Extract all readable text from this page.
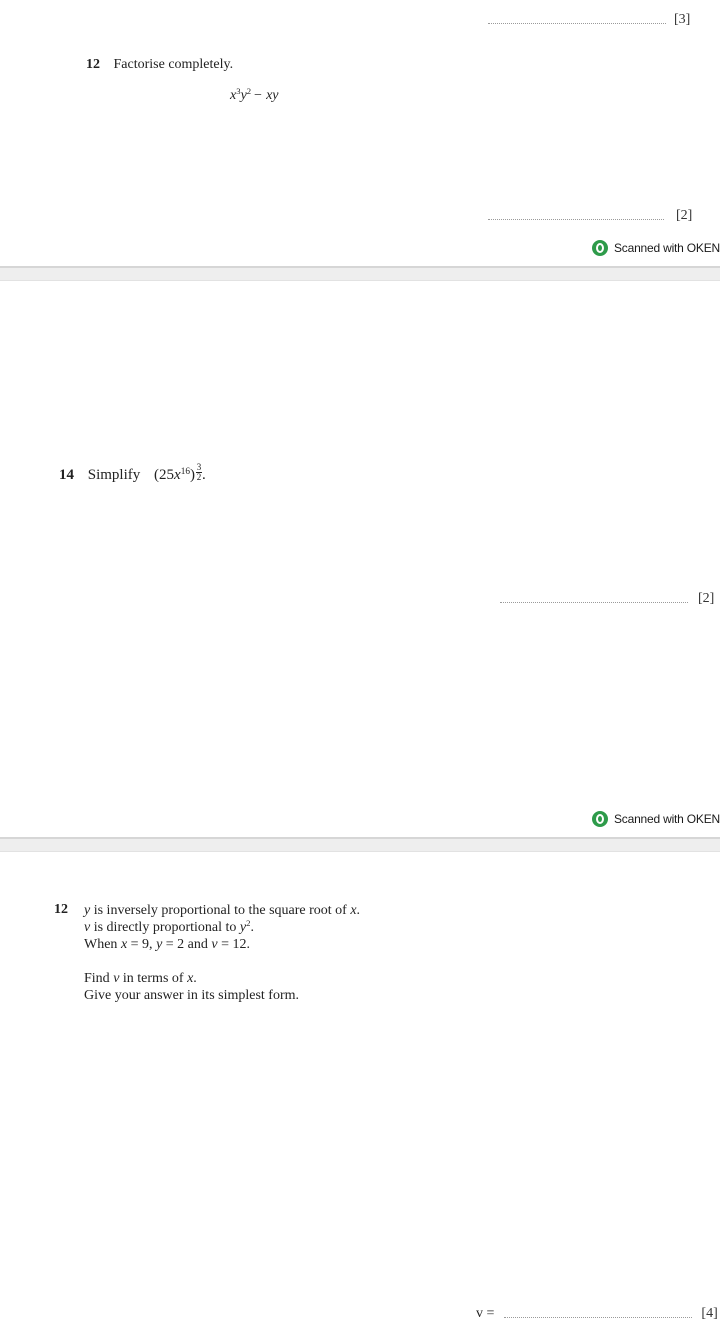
[3]
12 Factorise completely.
$x^3y^2$ − xy
[2]
Scanned with OKEN
14 Simplify $(25x^{16}) \frac{3}{2}$ .
[2]
Scanned with OKEN
12 y is inversely proportional to the square root of x.
v is directly proportional to $y^2$.
When x = 9, y = 2 and v = 12.
Find v in terms of x.
Give your answer in its simplest form.
v =	[4]
